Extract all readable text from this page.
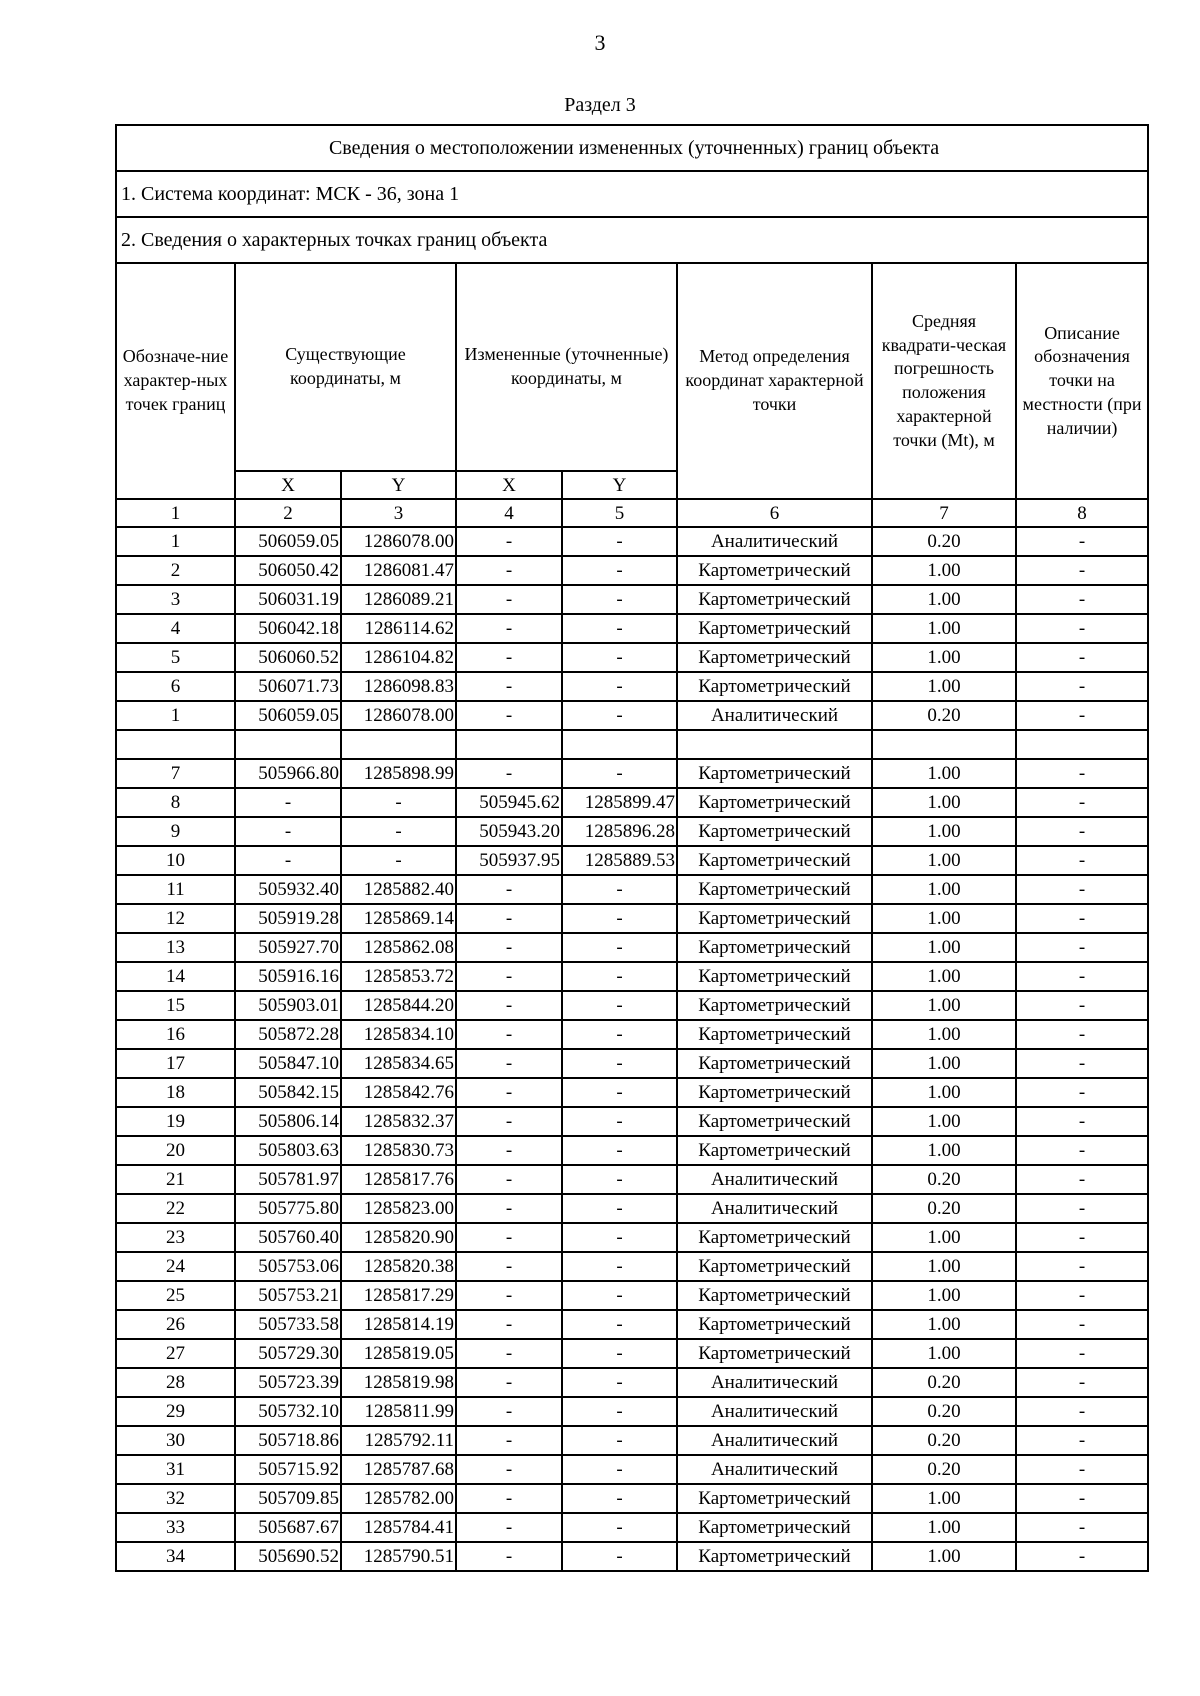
3
Раздел 3
Сведения о местоположении измененных (уточненных) границ объекта							
1. Система координат: МСК - 36, зона 1							
2. Сведения о характерных точках границ объекта							
Обозначе-ние характер-ных точек границ	Существующие координаты, м		Измененные (уточненные) координаты, м		Метод определения координат характерной точки	Средняя квадрати-ческая погрешность положения характерной точки (Mt), м	Описание обозначения точки на местности (при наличии)
	X	Y	X	Y			
1	2	3	4	5	6	7	8
1	506059.05	1286078.00	-	-	Аналитический	0.20	-
2	506050.42	1286081.47	-	-	Картометрический	1.00	-
3	506031.19	1286089.21	-	-	Картометрический	1.00	-
4	506042.18	1286114.62	-	-	Картометрический	1.00	-
5	506060.52	1286104.82	-	-	Картометрический	1.00	-
6	506071.73	1286098.83	-	-	Картометрический	1.00	-
1	506059.05	1286078.00	-	-	Аналитический	0.20	-

7	505966.80	1285898.99	-	-	Картометрический	1.00	-
8	-	-	505945.62	1285899.47	Картометрический	1.00	-
9	-	-	505943.20	1285896.28	Картометрический	1.00	-
10	-	-	505937.95	1285889.53	Картометрический	1.00	-
11	505932.40	1285882.40	-	-	Картометрический	1.00	-
12	505919.28	1285869.14	-	-	Картометрический	1.00	-
13	505927.70	1285862.08	-	-	Картометрический	1.00	-
14	505916.16	1285853.72	-	-	Картометрический	1.00	-
15	505903.01	1285844.20	-	-	Картометрический	1.00	-
16	505872.28	1285834.10	-	-	Картометрический	1.00	-
17	505847.10	1285834.65	-	-	Картометрический	1.00	-
18	505842.15	1285842.76	-	-	Картометрический	1.00	-
19	505806.14	1285832.37	-	-	Картометрический	1.00	-
20	505803.63	1285830.73	-	-	Картометрический	1.00	-
21	505781.97	1285817.76	-	-	Аналитический	0.20	-
22	505775.80	1285823.00	-	-	Аналитический	0.20	-
23	505760.40	1285820.90	-	-	Картометрический	1.00	-
24	505753.06	1285820.38	-	-	Картометрический	1.00	-
25	505753.21	1285817.29	-	-	Картометрический	1.00	-
26	505733.58	1285814.19	-	-	Картометрический	1.00	-
27	505729.30	1285819.05	-	-	Картометрический	1.00	-
28	505723.39	1285819.98	-	-	Аналитический	0.20	-
29	505732.10	1285811.99	-	-	Аналитический	0.20	-
30	505718.86	1285792.11	-	-	Аналитический	0.20	-
31	505715.92	1285787.68	-	-	Аналитический	0.20	-
32	505709.85	1285782.00	-	-	Картометрический	1.00	-
33	505687.67	1285784.41	-	-	Картометрический	1.00	-
34	505690.52	1285790.51	-	-	Картометрический	1.00	-
